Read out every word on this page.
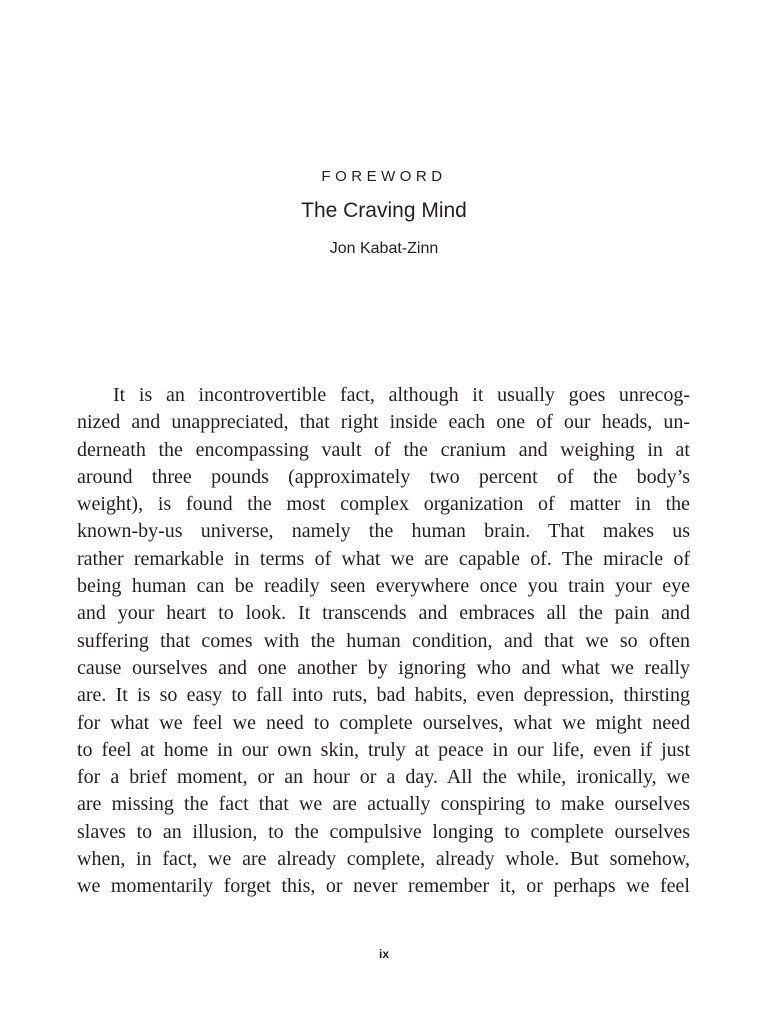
FOREWORD
The Craving Mind
Jon Kabat-Zinn
It is an incontrovertible fact, although it usually goes unrecog-
nized and unappreciated, that right inside each one of our heads, un-
derneath the encompassing vault of the cranium and weighing in at
around three pounds (approximately two percent of the body’s
weight), is found the most complex organization of matter in the
known-by-us universe, namely the human brain. That makes us
rather remarkable in terms of what we are capable of. The miracle of
being human can be readily seen everywhere once you train your eye
and your heart to look. It transcends and embraces all the pain and
suffering that comes with the human condition, and that we so often
cause ourselves and one another by ignoring who and what we really
are. It is so easy to fall into ruts, bad habits, even depression, thirsting
for what we feel we need to complete ourselves, what we might need
to feel at home in our own skin, truly at peace in our life, even if just
for a brief moment, or an hour or a day. All the while, ironically, we
are missing the fact that we are actually conspiring to make ourselves
slaves to an illusion, to the compulsive longing to complete ourselves
when, in fact, we are already complete, already whole. But somehow,
we momentarily forget this, or never remember it, or perhaps we feel
ix
